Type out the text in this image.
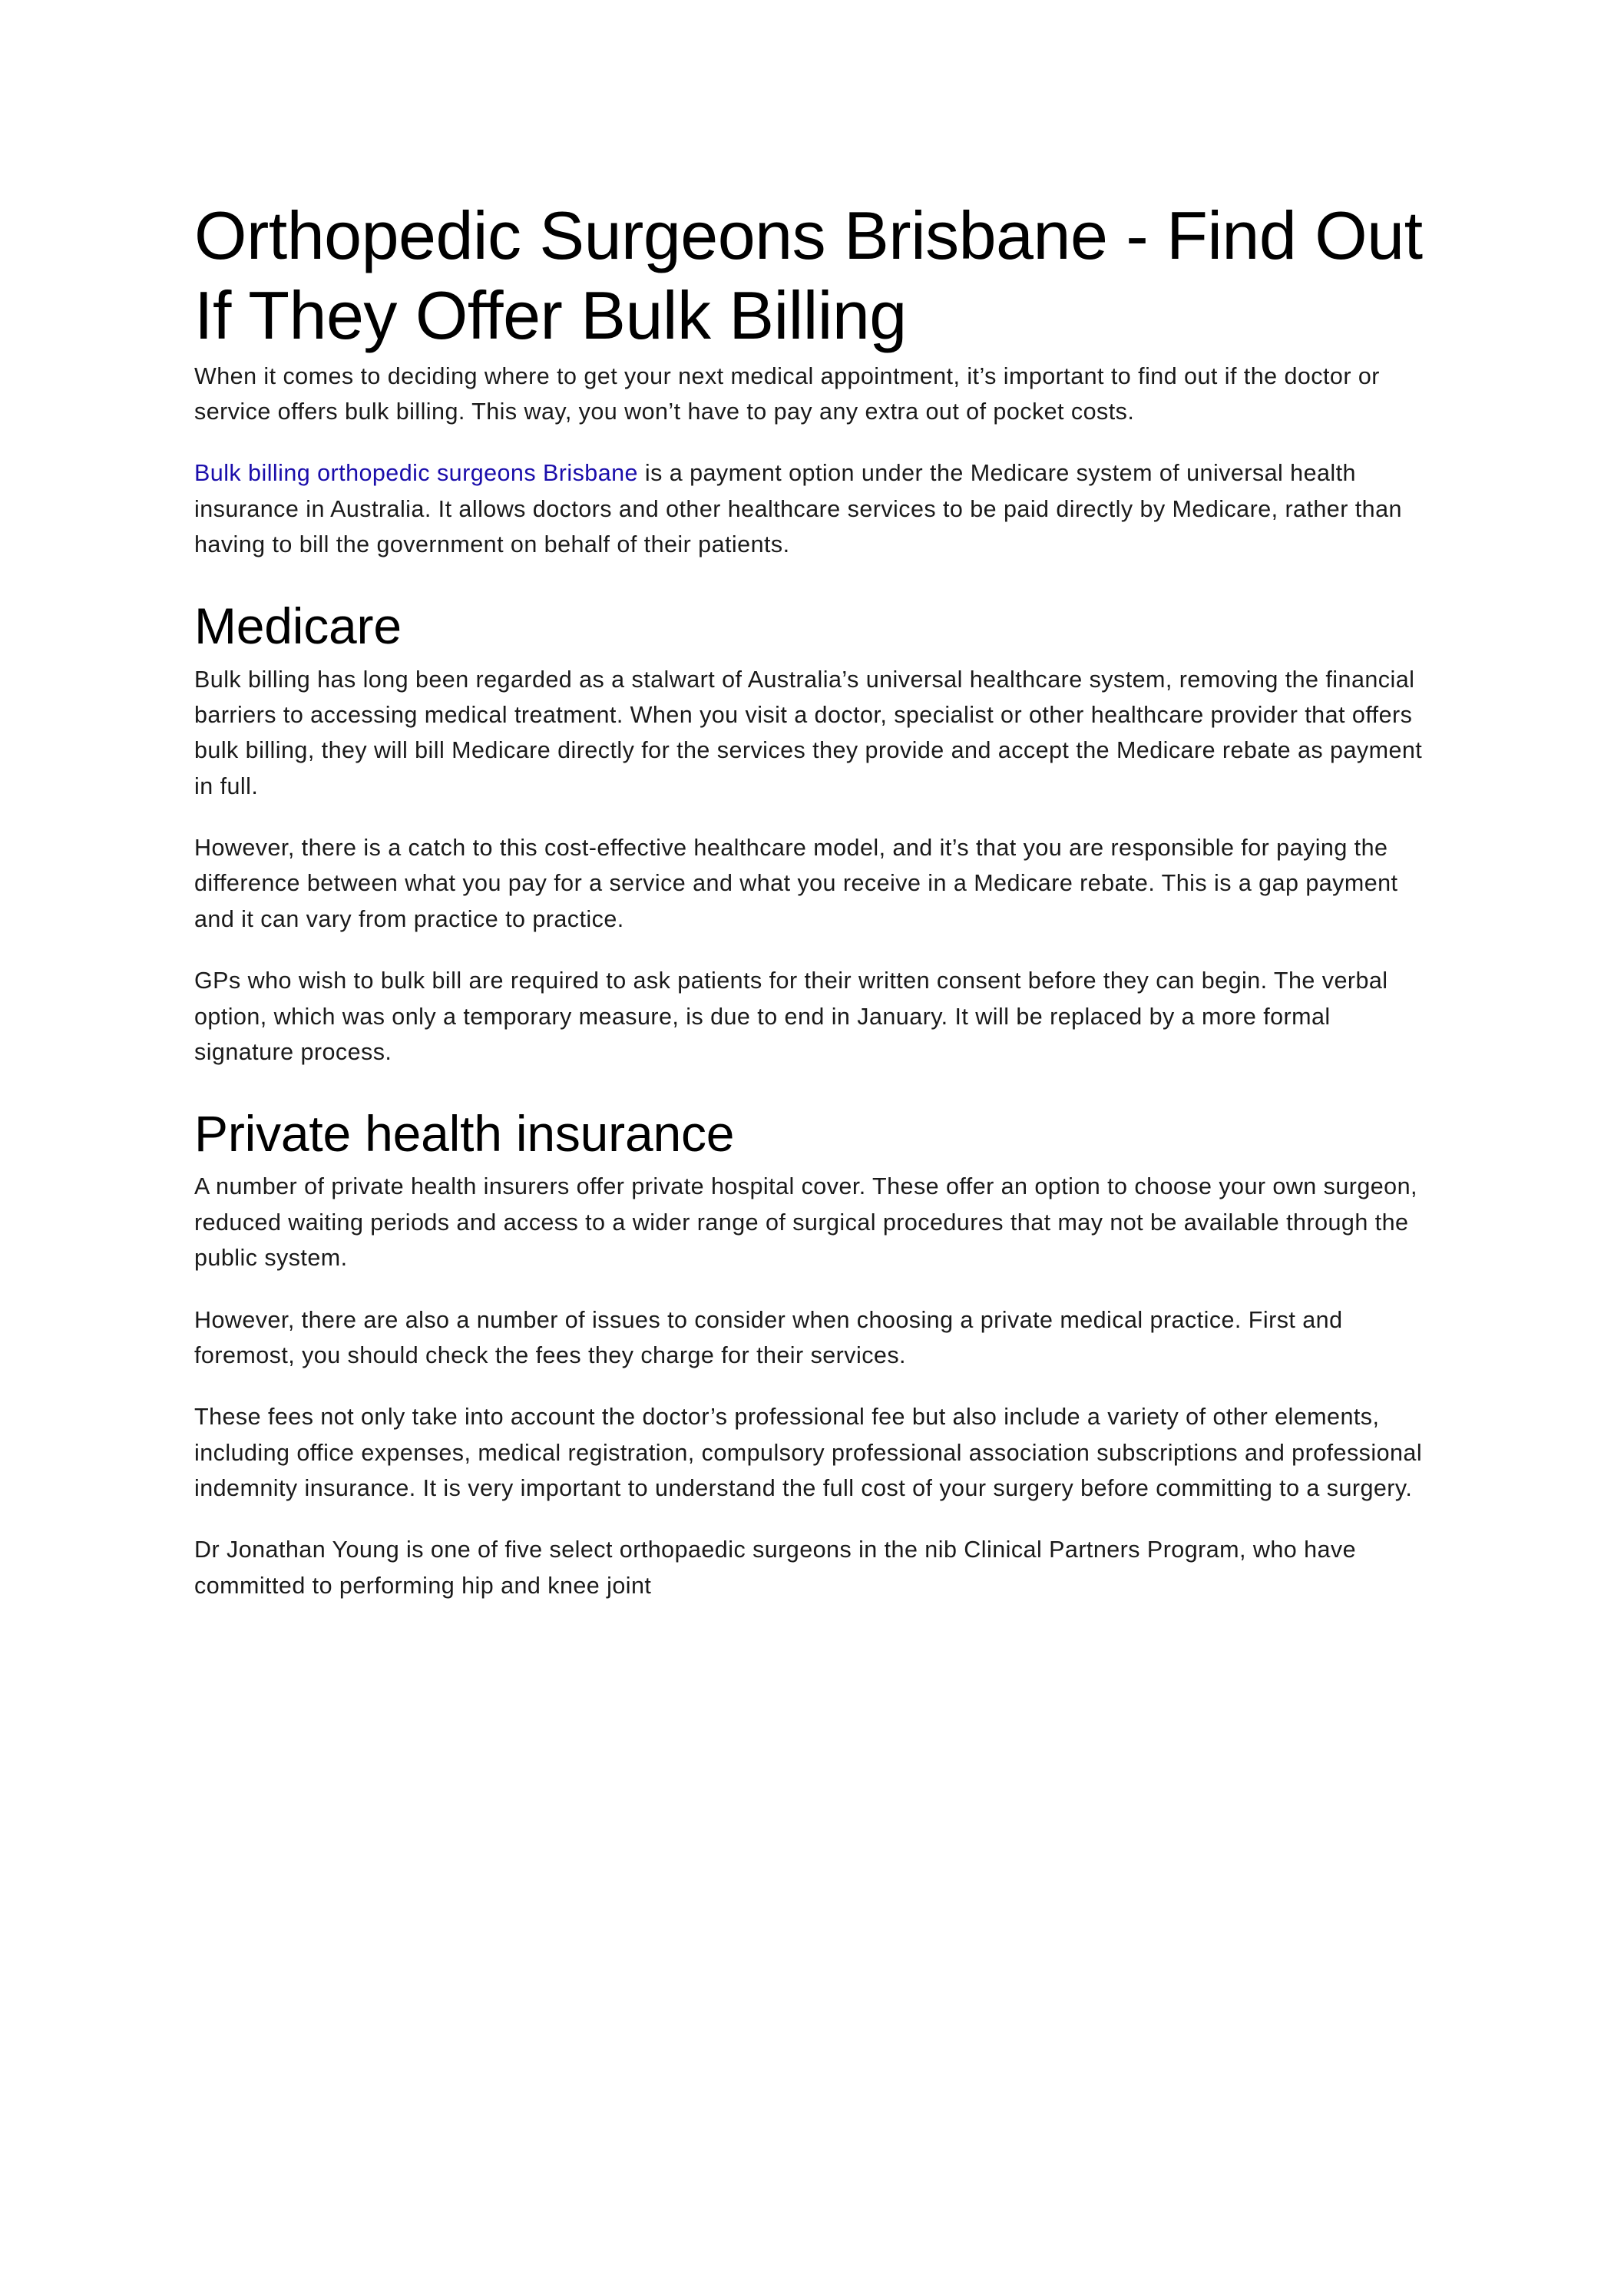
Orthopedic Surgeons Brisbane - Find Out If They Offer Bulk Billing

When it comes to deciding where to get your next medical appointment, it’s important to find out if the doctor or service offers bulk billing. This way, you won’t have to pay any extra out of pocket costs.

Bulk billing orthopedic surgeons Brisbane is a payment option under the Medicare system of universal health insurance in Australia. It allows doctors and other healthcare services to be paid directly by Medicare, rather than having to bill the government on behalf of their patients.

Medicare

Bulk billing has long been regarded as a stalwart of Australia’s universal healthcare system, removing the financial barriers to accessing medical treatment. When you visit a doctor, specialist or other healthcare provider that offers bulk billing, they will bill Medicare directly for the services they provide and accept the Medicare rebate as payment in full.

However, there is a catch to this cost-effective healthcare model, and it’s that you are responsible for paying the difference between what you pay for a service and what you receive in a Medicare rebate. This is a gap payment and it can vary from practice to practice.

GPs who wish to bulk bill are required to ask patients for their written consent before they can begin. The verbal option, which was only a temporary measure, is due to end in January. It will be replaced by a more formal signature process.

Private health insurance

A number of private health insurers offer private hospital cover. These offer an option to choose your own surgeon, reduced waiting periods and access to a wider range of surgical procedures that may not be available through the public system.

However, there are also a number of issues to consider when choosing a private medical practice. First and foremost, you should check the fees they charge for their services.

These fees not only take into account the doctor’s professional fee but also include a variety of other elements, including office expenses, medical registration, compulsory professional association subscriptions and professional indemnity insurance. It is very important to understand the full cost of your surgery before committing to a surgery.

Dr Jonathan Young is one of five select orthopaedic surgeons in the nib Clinical Partners Program, who have committed to performing hip and knee joint
